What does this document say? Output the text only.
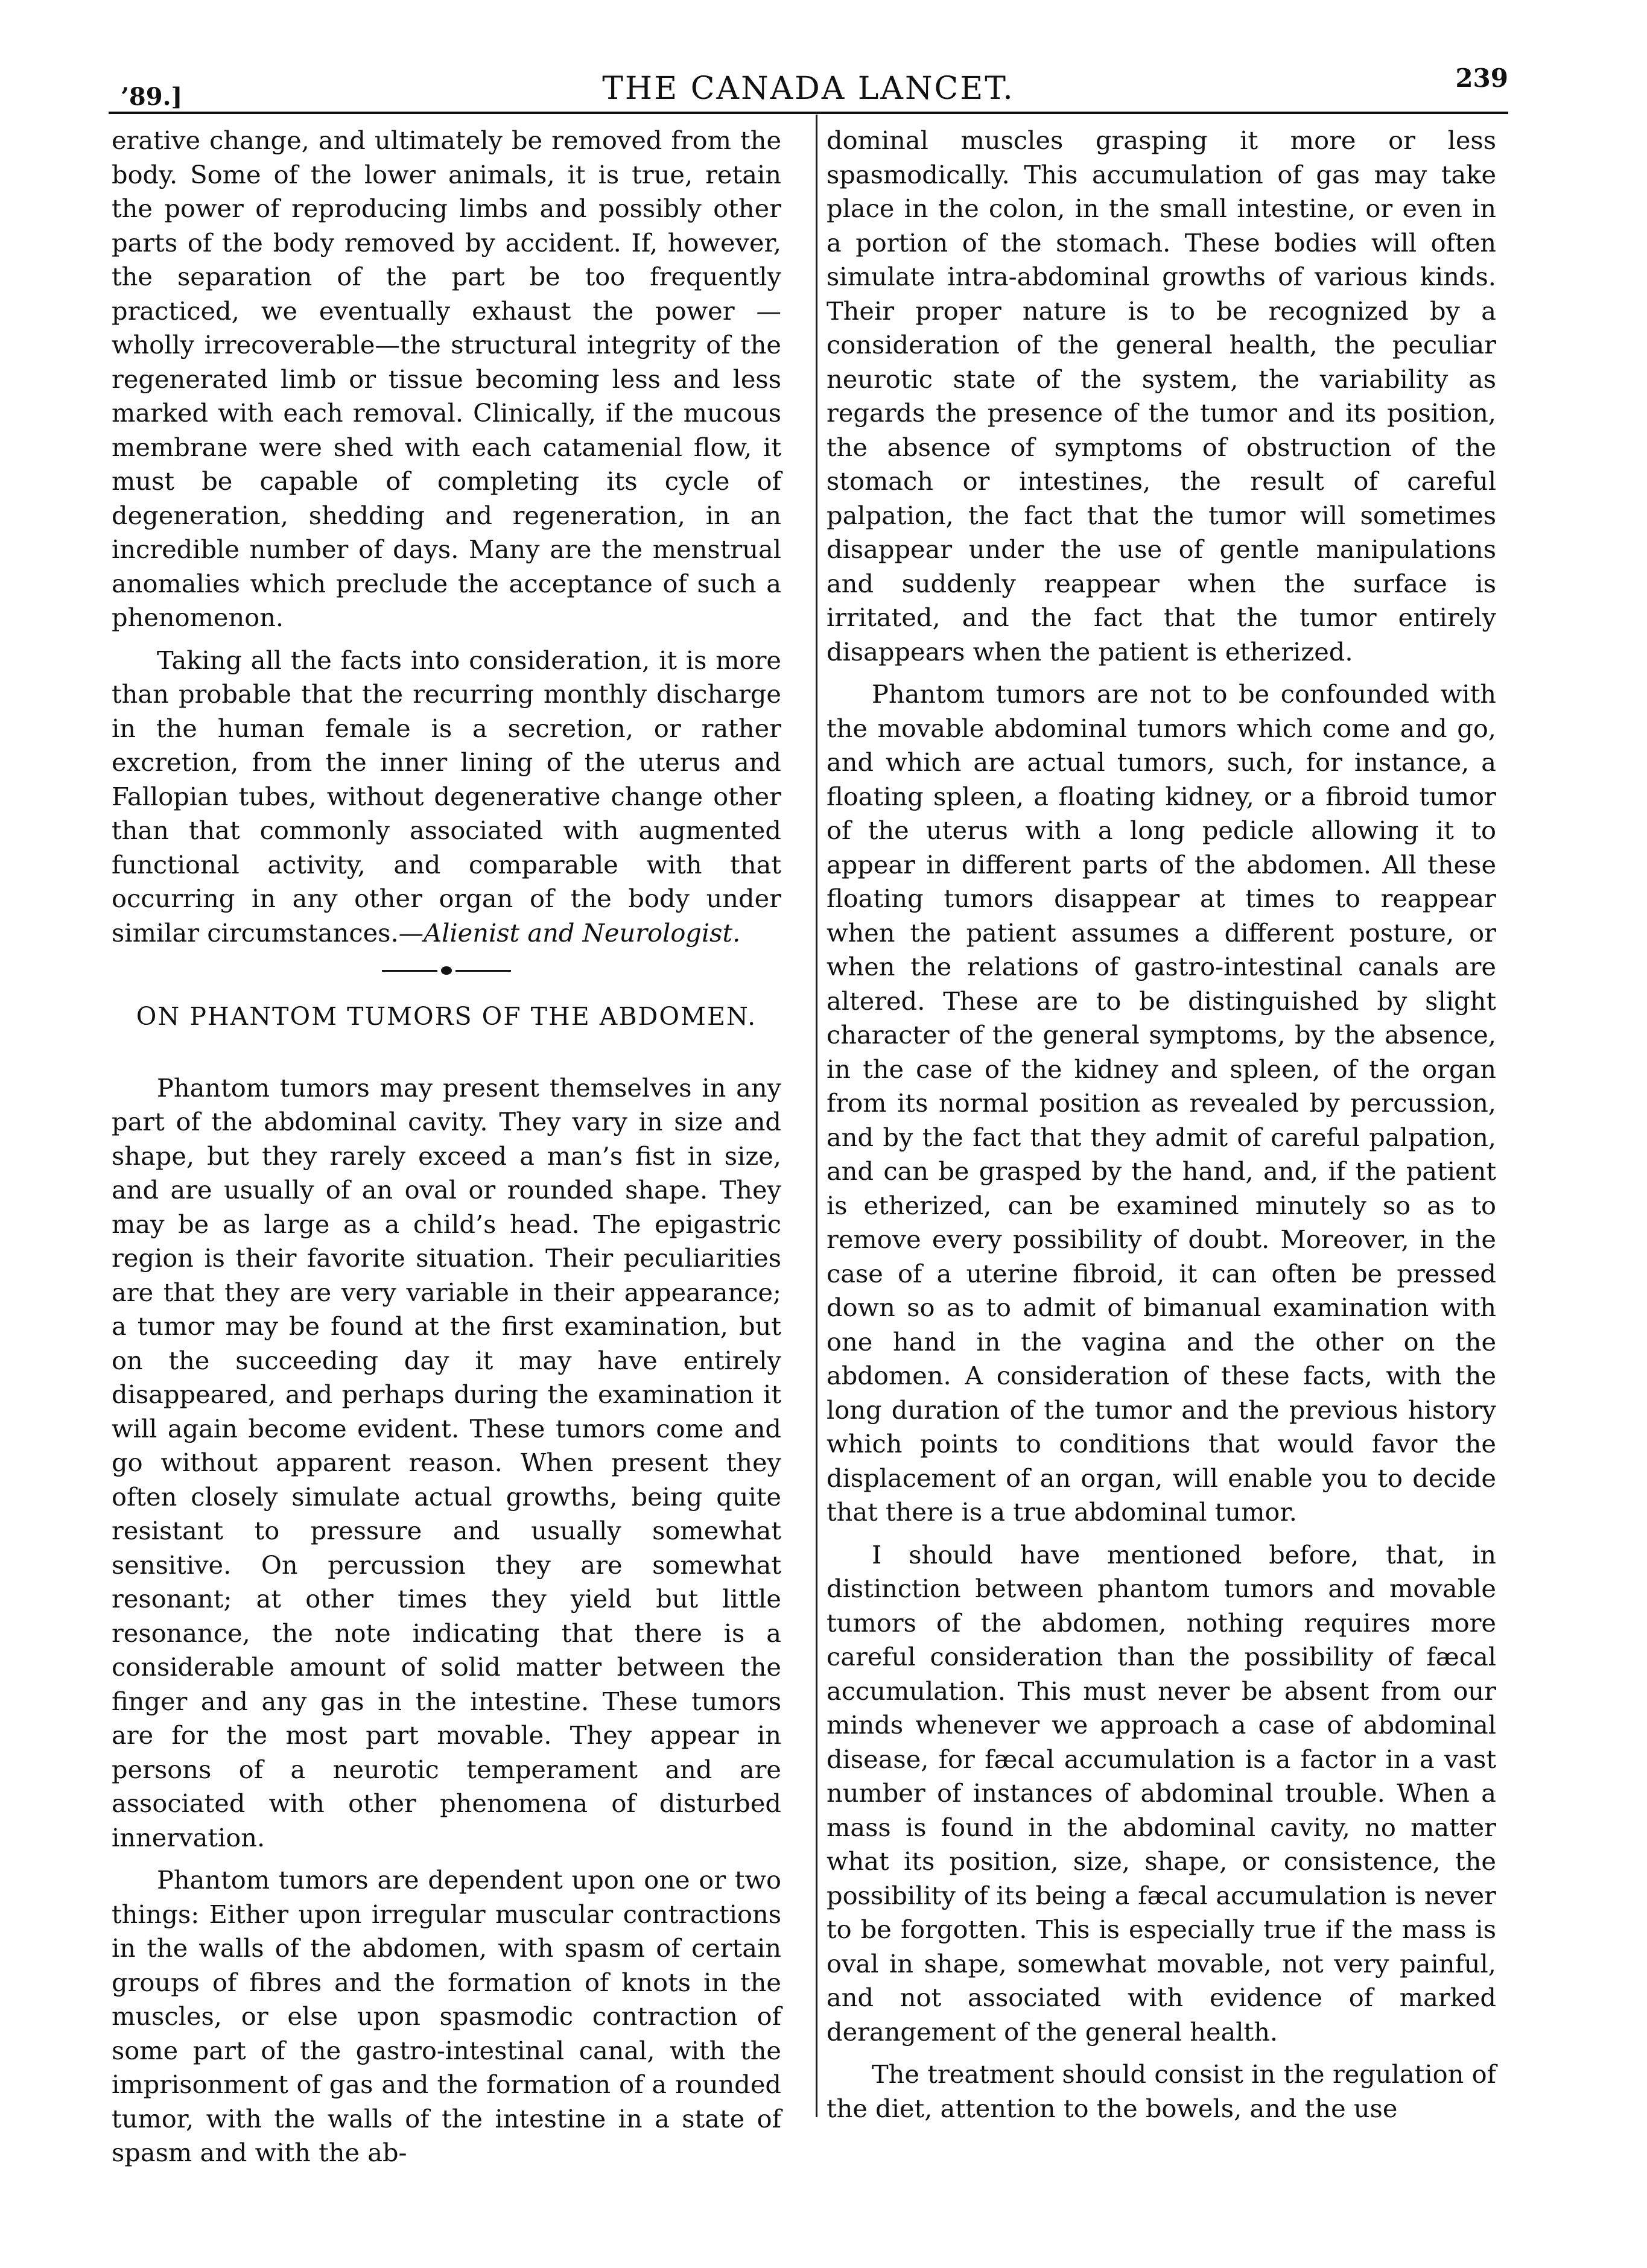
’89.]	THE CANADA LANCET.	239

erative change, and ultimately be removed from the body. Some of the lower animals, it is true, retain the power of reproducing limbs and possibly other parts of the body removed by accident. If, however, the separation of the part be too frequently practiced, we eventually exhaust the power —wholly irrecoverable—the structural integrity of the regenerated limb or tissue becoming less and less marked with each removal. Clinically, if the mucous membrane were shed with each catamenial flow, it must be capable of completing its cycle of degeneration, shedding and regeneration, in an incredible number of days. Many are the menstrual anomalies which preclude the acceptance of such a phenomenon.

Taking all the facts into consideration, it is more than probable that the recurring monthly discharge in the human female is a secretion, or rather excretion, from the inner lining of the uterus and Fallopian tubes, without degenerative change other than that commonly associated with augmented functional activity, and comparable with that occurring in any other organ of the body under similar circumstances.—Alienist and Neurologist.

ON PHANTOM TUMORS OF THE ABDOMEN.

Phantom tumors may present themselves in any part of the abdominal cavity. They vary in size and shape, but they rarely exceed a man’s fist in size, and are usually of an oval or rounded shape. They may be as large as a child’s head. The epigastric region is their favorite situation. Their peculiarities are that they are very variable in their appearance; a tumor may be found at the first examination, but on the succeeding day it may have entirely disappeared, and perhaps during the examination it will again become evident. These tumors come and go without apparent reason. When present they often closely simulate actual growths, being quite resistant to pressure and usually somewhat sensitive. On percussion they are somewhat resonant; at other times they yield but little resonance, the note indicating that there is a considerable amount of solid matter between the finger and any gas in the intestine. These tumors are for the most part movable. They appear in persons of a neurotic temperament and are associated with other phenomena of disturbed innervation.

Phantom tumors are dependent upon one or two things: Either upon irregular muscular contractions in the walls of the abdomen, with spasm of certain groups of fibres and the formation of knots in the muscles, or else upon spasmodic contraction of some part of the gastro-intestinal canal, with the imprisonment of gas and the formation of a rounded tumor, with the walls of the intestine in a state of spasm and with the ab-

dominal muscles grasping it more or less spasmodically. This accumulation of gas may take place in the colon, in the small intestine, or even in a portion of the stomach. These bodies will often simulate intra-abdominal growths of various kinds. Their proper nature is to be recognized by a consideration of the general health, the peculiar neurotic state of the system, the variability as regards the presence of the tumor and its position, the absence of symptoms of obstruction of the stomach or intestines, the result of careful palpation, the fact that the tumor will sometimes disappear under the use of gentle manipulations and suddenly reappear when the surface is irritated, and the fact that the tumor entirely disappears when the patient is etherized.

Phantom tumors are not to be confounded with the movable abdominal tumors which come and go, and which are actual tumors, such, for instance, a floating spleen, a floating kidney, or a fibroid tumor of the uterus with a long pedicle allowing it to appear in different parts of the abdomen. All these floating tumors disappear at times to reappear when the patient assumes a different posture, or when the relations of gastro-intestinal canals are altered. These are to be distinguished by slight character of the general symptoms, by the absence, in the case of the kidney and spleen, of the organ from its normal position as revealed by percussion, and by the fact that they admit of careful palpation, and can be grasped by the hand, and, if the patient is etherized, can be examined minutely so as to remove every possibility of doubt. Moreover, in the case of a uterine fibroid, it can often be pressed down so as to admit of bimanual examination with one hand in the vagina and the other on the abdomen. A consideration of these facts, with the long duration of the tumor and the previous history which points to conditions that would favor the displacement of an organ, will enable you to decide that there is a true abdominal tumor.

I should have mentioned before, that, in distinction between phantom tumors and movable tumors of the abdomen, nothing requires more careful consideration than the possibility of fæcal accumulation. This must never be absent from our minds whenever we approach a case of abdominal disease, for fæcal accumulation is a factor in a vast number of instances of abdominal trouble. When a mass is found in the abdominal cavity, no matter what its position, size, shape, or consistence, the possibility of its being a fæcal accumulation is never to be forgotten. This is especially true if the mass is oval in shape, somewhat movable, not very painful, and not associated with evidence of marked derangement of the general health.

The treatment should consist in the regulation of the diet, attention to the bowels, and the use
